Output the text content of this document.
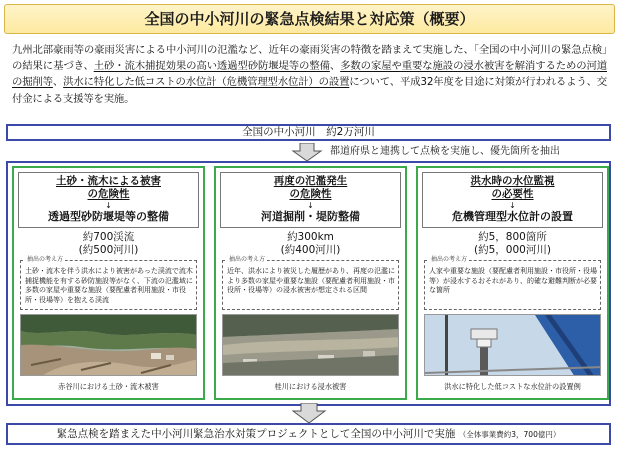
全国の中小河川の緊急点検結果と対応策（概要）
九州北部豪雨等の豪雨災害による中小河川の氾濫など、近年の豪雨災害の特徴を踏まえて実施した、「全国の中小河川の緊急点検」の結果に基づき、土砂・流木捕捉効果の高い透過型砂防堰堤等の整備、多数の家屋や重要な施設の浸水被害を解消するための河道の掘削等、洪水に特化した低コストの水位計（危機管理型水位計）の設置について、平成32年度を目途に対策が行われるよう、交付金による支援等を実施。
全国の中小河川　約2万河川
都道府県と連携して点検を実施し、優先箇所を抽出
土砂・流木による被害
の危険性
↓
透過型砂防堰堤等の整備
約700渓流
(約500河川)
抽出の考え方
土砂・流木を伴う洪水により被害があった渓流で流木捕捉機能を有する砂防施設等がなく、下流の氾濫域に多数の家屋や重要な施設（要配慮者利用施設・市役所・役場等）を抱える渓流
赤谷川における土砂・流木被害
再度の氾濫発生
の危険性
↓
河道掘削・堤防整備
約300km
(約400河川)
抽出の考え方
近年、洪水により被災した履歴があり、再度の氾濫により多数の家屋や重要な施設（要配慮者利用施設・市役所・役場等）の浸水被害が想定される区間
桂川における浸水被害
洪水時の水位監視
の必要性
↓
危機管理型水位計の設置
約5，800箇所
(約5，000河川)
抽出の考え方
人家や重要な施設（要配慮者利用施設・市役所・役場等）が浸水するおそれがあり、的確な避難判断が必要な箇所
洪水に特化した低コストな水位計の設置例
緊急点検を踏まえた中小河川緊急治水対策プロジェクトとして全国の中小河川で実施 （全体事業費約3，700億円）
